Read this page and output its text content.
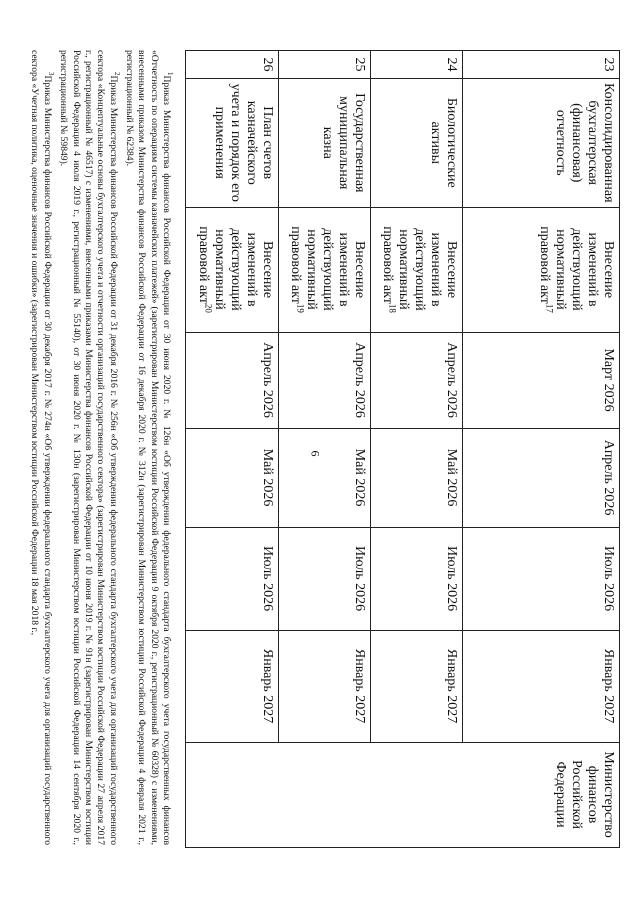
6
23	Консолидированная бухгалтерская (финансовая) отчетность	Внесение изменений в действующий нормативный правовой акт$^{17}$	Март 2026	Апрель 2026	Июль 2026	Январь 2027	Министерство финансов Российской Федерации
24	Биологические активы	Внесение изменений в действующий нормативный правовой акт$^{18}$	Апрель 2026	Май 2026	Июль 2026	Январь 2027	
25	Государственная муниципальная казна	Внесение изменений в действующий нормативный правовой акт$^{19}$	Апрель 2026	Май 2026	Июль 2026	Январь 2027	
26	План счетов казначейского учета и порядок его применения	Внесение изменений в действующий нормативный правовой акт$^{20}$	Апрель 2026	Май 2026	Июль 2026	Январь 2027	

$^1$Приказ Министерства финансов Российской Федерации от 30 июня 2020 г. № 126н «Об утверждении федерального стандарта бухгалтерского учета государственных финансов «Отчетность по операциям системы казначейских платежей» (зарегистрирован Министерством юстиции Российской Федерации 9 октября 2020 г., регистрационный № 60328) с изменениями, внесенными приказом Министерства финансов Российской Федерации от 16 декабря 2020 г. № 312н (зарегистрирован Министерством юстиции Российской Федерации 4 февраля 2021 г., регистрационный № 62384).

$^2$Приказ Министерства финансов Российской Федерации от 31 декабря 2016 г. № 256н «Об утверждении федерального стандарта бухгалтерского учета для организаций государственного сектора «Концептуальные основы бухгалтерского учета и отчетности организаций государственного сектора» (зарегистрирован Министерством юстиции Российской Федерации 27 апреля 2017 г., регистрационный № 46517) с изменениями, внесенными приказами Министерства финансов Российской Федерации от 10 июня 2019 г. № 91н (зарегистрирован Министерством юстиции Российской Федерации 4 июля 2019 г., регистрационный № 55140), от 30 июня 2020 г. № 130н (зарегистрирован Министерством юстиции Российской Федерации 14 сентября 2020 г., регистрационный № 59849).

$^3$Приказ Министерства финансов Российской Федерации от 30 декабря 2017 г. № 274н «Об утверждении федерального стандарта бухгалтерского учета для организаций государственного сектора «Учетная политика, оценочные значения и ошибки» (зарегистрирован Министерством юстиции Российской Федерации 18 мая 2018 г.,
